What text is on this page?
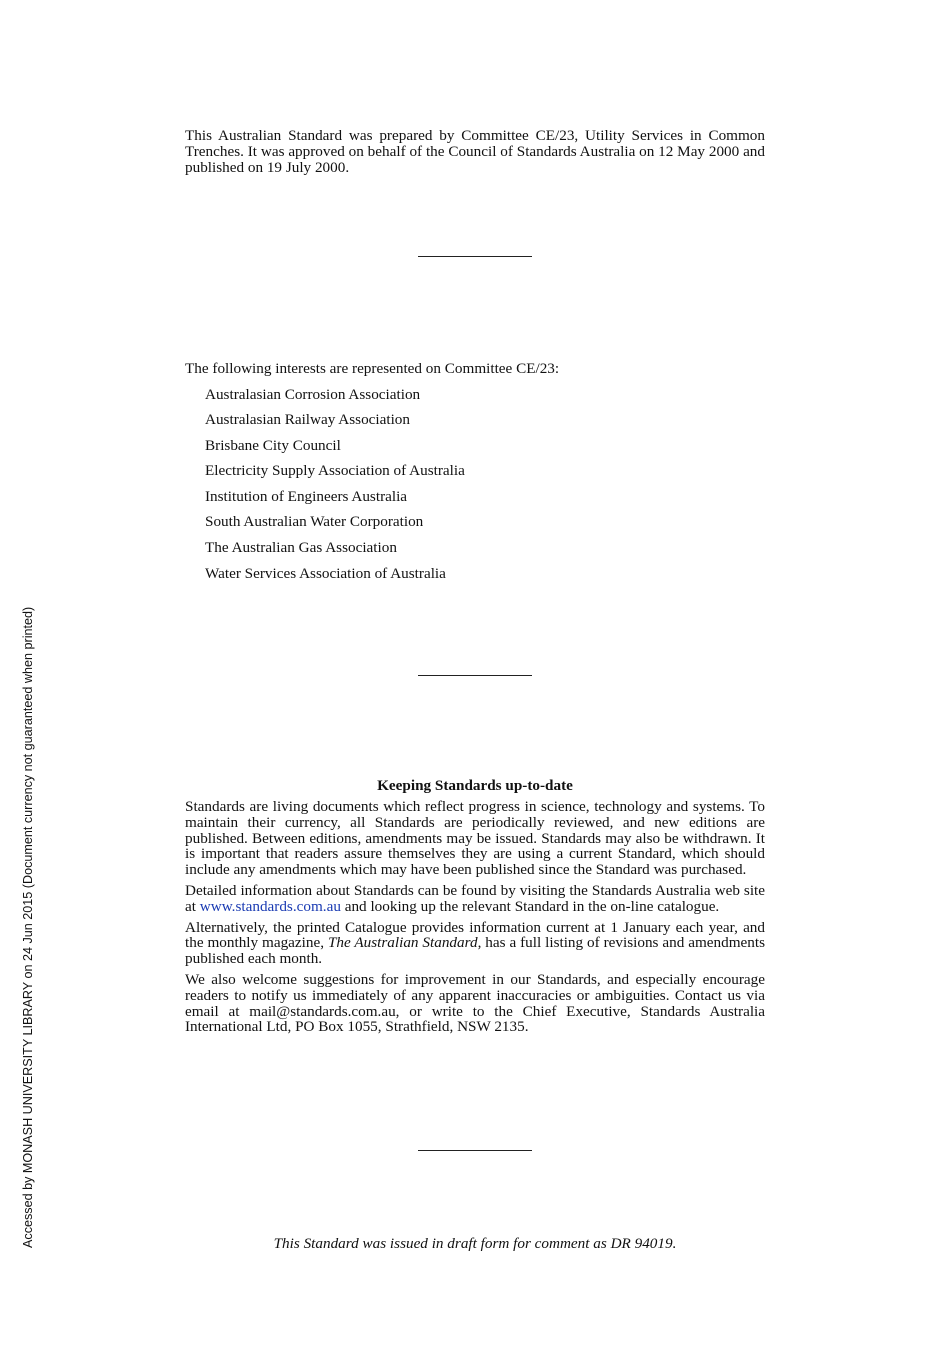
This Australian Standard was prepared by Committee CE/23, Utility Services in Common Trenches. It was approved on behalf of the Council of Standards Australia on 12 May 2000 and published on 19 July 2000.

The following interests are represented on Committee CE/23:

Australasian Corrosion Association
Australasian Railway Association
Brisbane City Council
Electricity Supply Association of Australia
Institution of Engineers Australia
South Australian Water Corporation
The Australian Gas Association
Water Services Association of Australia
Keeping Standards up-to-date

Standards are living documents which reflect progress in science, technology and systems. To maintain their currency, all Standards are periodically reviewed, and new editions are published. Between editions, amendments may be issued. Standards may also be withdrawn. It is important that readers assure themselves they are using a current Standard, which should include any amendments which may have been published since the Standard was purchased.

Detailed information about Standards can be found by visiting the Standards Australia web site at www.standards.com.au and looking up the relevant Standard in the on-line catalogue.

Alternatively, the printed Catalogue provides information current at 1 January each year, and the monthly magazine, The Australian Standard, has a full listing of revisions and amendments published each month.

We also welcome suggestions for improvement in our Standards, and especially encourage readers to notify us immediately of any apparent inaccuracies or ambiguities. Contact us via email at mail@standards.com.au, or write to the Chief Executive, Standards Australia International Ltd, PO Box 1055, Strathfield, NSW 2135.

This Standard was issued in draft form for comment as DR 94019.

Accessed by MONASH UNIVERSITY LIBRARY on 24 Jun 2015 (Document currency not guaranteed when printed)
